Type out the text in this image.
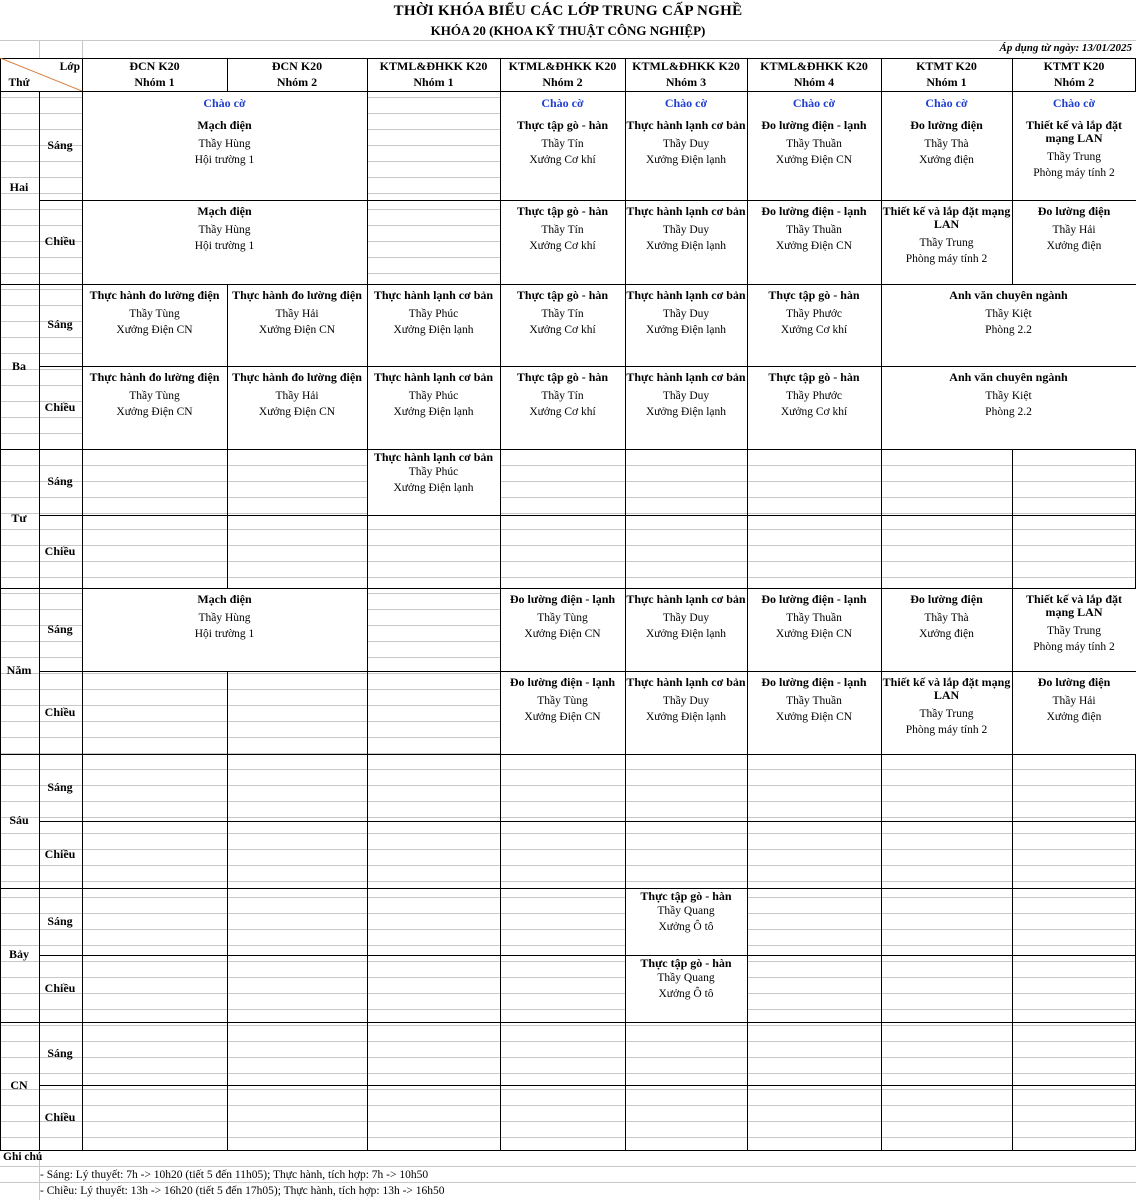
THỜI KHÓA BIỂU CÁC LỚP TRUNG CẤP NGHỀ
KHÓA 20 (KHOA KỸ THUẬT CÔNG NGHIỆP)
Áp dụng từ ngày: 13/01/2025
Lớp
Thứ
ĐCN K20
Nhóm 1
ĐCN K20
Nhóm 2
KTML&ĐHKK K20
Nhóm 1
KTML&ĐHKK K20
Nhóm 2
KTML&ĐHKK K20
Nhóm 3
KTML&ĐHKK K20
Nhóm 4
KTMT K20
Nhóm 1
KTMT K20
Nhóm 2
Hai
Sáng
Chiều
Ba
Sáng
Chiều
Tư
Sáng
Chiều
Năm
Sáng
Chiều
Sáu
Sáng
Chiều
Bảy
Sáng
Chiều
CN
Sáng
Chiều
Chào cờ
Mạch điện
Thầy Hùng
Hội trường 1
Chào cờ
Thực tập gò - hàn
Thầy Tín
Xưởng Cơ khí
Chào cờ
Thực hành lạnh cơ bản
Thầy Duy
Xưởng Điện lạnh
Chào cờ
Đo lường điện - lạnh
Thầy Thuần
Xưởng Điện CN
Chào cờ
Đo lường điện
Thầy Thà
Xưởng điện
Chào cờ
Thiết kế và lắp đặt mạng LAN
Thầy Trung
Phòng máy tính 2
Mạch điện
Thầy Hùng
Hội trường 1
Thực tập gò - hàn
Thầy Tín
Xưởng Cơ khí
Thực hành lạnh cơ bản
Thầy Duy
Xưởng Điện lạnh
Đo lường điện - lạnh
Thầy Thuần
Xưởng Điện CN
Thiết kế và lắp đặt mạng LAN
Thầy Trung
Phòng máy tính 2
Đo lường điện
Thầy Hải
Xưởng điện
Thực hành đo lường điện
Thầy Tùng
Xưởng Điện CN
Thực hành đo lường điện
Thầy Hải
Xưởng Điện CN
Thực hành lạnh cơ bản
Thầy Phúc
Xưởng Điện lạnh
Thực tập gò - hàn
Thầy Tín
Xưởng Cơ khí
Thực hành lạnh cơ bản
Thầy Duy
Xưởng Điện lạnh
Thực tập gò - hàn
Thầy Phước
Xưởng Cơ khí
Anh văn chuyên ngành
Thầy Kiệt
Phòng 2.2
Thực hành đo lường điện
Thầy Tùng
Xưởng Điện CN
Thực hành đo lường điện
Thầy Hải
Xưởng Điện CN
Thực hành lạnh cơ bản
Thầy Phúc
Xưởng Điện lạnh
Thực tập gò - hàn
Thầy Tín
Xưởng Cơ khí
Thực hành lạnh cơ bản
Thầy Duy
Xưởng Điện lạnh
Thực tập gò - hàn
Thầy Phước
Xưởng Cơ khí
Anh văn chuyên ngành
Thầy Kiệt
Phòng 2.2
Thực hành lạnh cơ bản
Thầy Phúc
Xưởng Điện lạnh
Mạch điện
Thầy Hùng
Hội trường 1
Đo lường điện - lạnh
Thầy Tùng
Xưởng Điện CN
Thực hành lạnh cơ bản
Thầy Duy
Xưởng Điện lạnh
Đo lường điện - lạnh
Thầy Thuần
Xưởng Điện CN
Đo lường điện
Thầy Thà
Xưởng điện
Thiết kế và lắp đặt mạng LAN
Thầy Trung
Phòng máy tính 2
Đo lường điện - lạnh
Thầy Tùng
Xưởng Điện CN
Thực hành lạnh cơ bản
Thầy Duy
Xưởng Điện lạnh
Đo lường điện - lạnh
Thầy Thuần
Xưởng Điện CN
Thiết kế và lắp đặt mạng LAN
Thầy Trung
Phòng máy tính 2
Đo lường điện
Thầy Hải
Xưởng điện
Thực tập gò - hàn
Thầy Quang
Xưởng Ô tô
Thực tập gò - hàn
Thầy Quang
Xưởng Ô tô
Ghi chú
- Sáng: Lý thuyết: 7h -> 10h20 (tiết 5 đến 11h05); Thực hành, tích hợp: 7h -> 10h50
- Chiều: Lý thuyết: 13h -> 16h20 (tiết 5 đến 17h05); Thực hành, tích hợp: 13h -> 16h50
